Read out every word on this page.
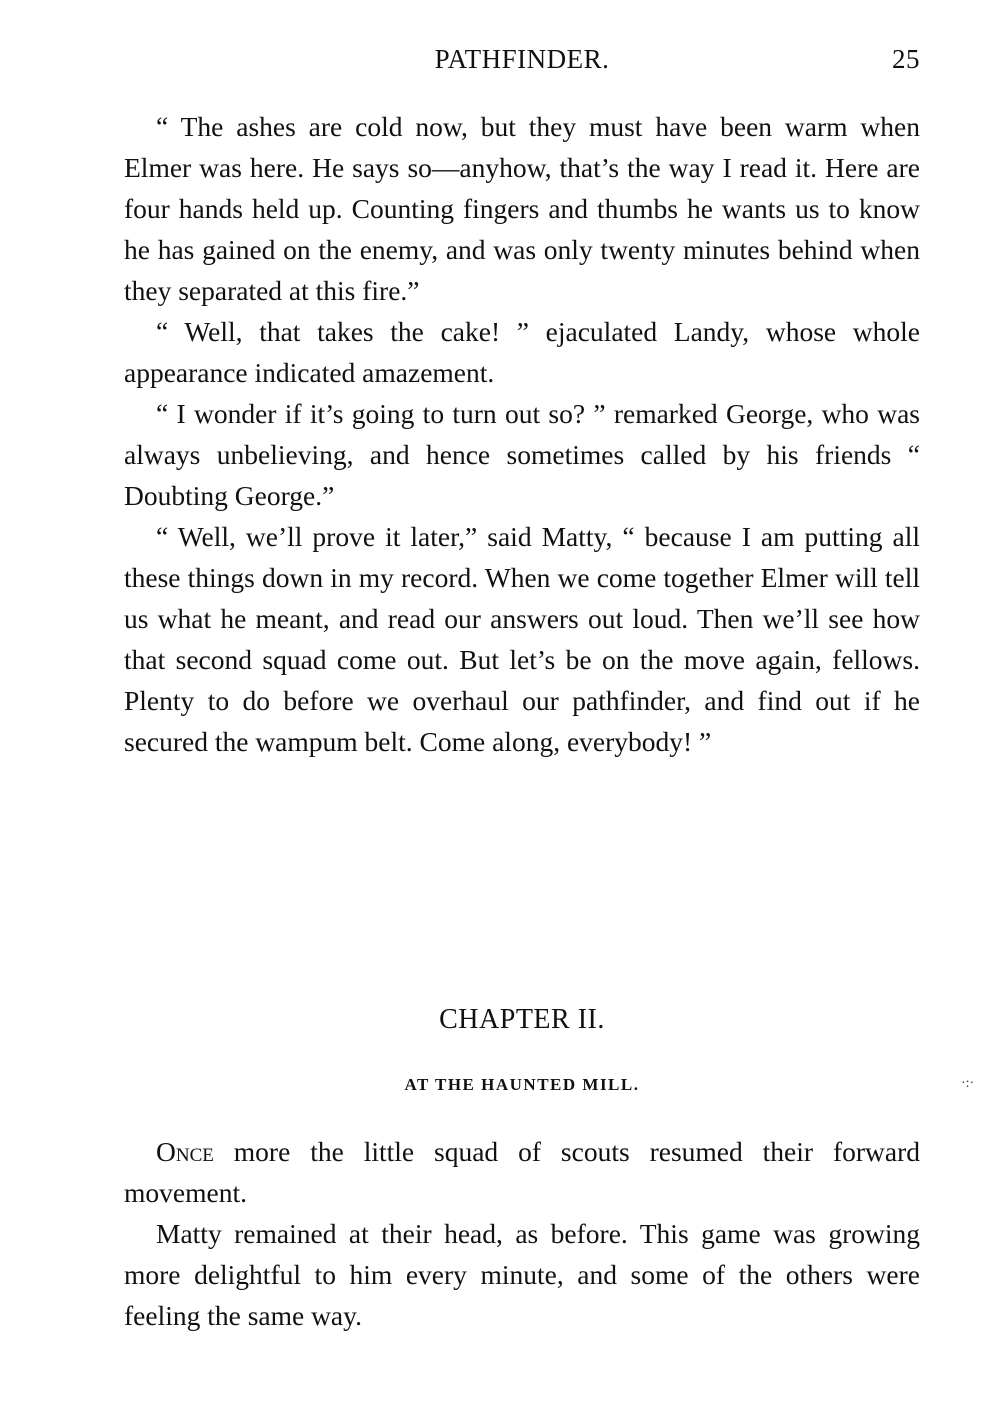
PATHFINDER.	25

“ The ashes are cold now, but they must have been warm when Elmer was here. He says so—anyhow, that’s the way I read it. Here are four hands held up. Counting fingers and thumbs he wants us to know he has gained on the enemy, and was only twenty minutes behind when they separated at this fire.”

“ Well, that takes the cake! ” ejaculated Landy, whose whole appearance indicated amazement.

“ I wonder if it’s going to turn out so? ” remarked George, who was always unbelieving, and hence sometimes called by his friends “ Doubting George.”

“ Well, we’ll prove it later,” said Matty, “ because I am putting all these things down in my record. When we come together Elmer will tell us what he meant, and read our answers out loud. Then we’ll see how that second squad come out. But let’s be on the move again, fellows. Plenty to do before we overhaul our pathfinder, and find out if he secured the wampum belt. Come along, everybody! ”

CHAPTER II.
AT THE HAUNTED MILL.	·:·

Once more the little squad of scouts resumed their forward movement.

Matty remained at their head, as before. This game was growing more delightful to him every minute, and some of the others were feeling the same way.
